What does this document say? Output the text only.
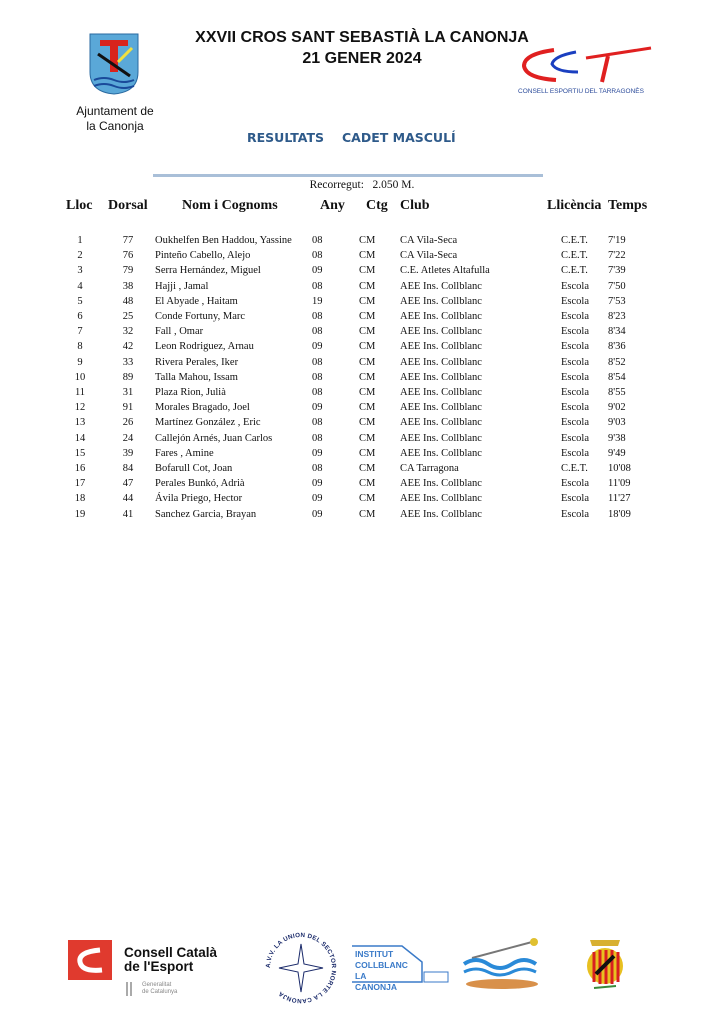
Ajuntament de
la Canonja
XXVII CROS SANT SEBASTIÀ LA CANONJA
21 GENER 2024
CONSELL ESPORTIU DEL TARRAGONÈS
RESULTATS CADET MASCULÍ
Recorregut: 2.050 M.
Lloc Dorsal Nom i Cognoms	Any Ctg Club	Llicència Temps
1	77	Oukhelfen Ben Haddou, Yassine 08	CM CA Vila-Seca	C.E.T. 7'19
2	76	Pinteño Cabello, Alejo	08	CM CA Vila-Seca	C.E.T. 7'22
3	79	Serra Hernández, Miguel	09	CM C.E. Atletes Altafulla	C.E.T. 7'39
4	38	Hajji , Jamal	08	CM AEE Ins. Collblanc	Escola 7'50
5	48	El Abyade , Haitam	19	CM AEE Ins. Collblanc	Escola 7'53
6	25	Conde Fortuny, Marc	08	CM AEE Ins. Collblanc	Escola 8'23
7	32	Fall , Omar	08	CM AEE Ins. Collblanc	Escola 8'34
8	42	Leon Rodriguez, Arnau	09	CM AEE Ins. Collblanc	Escola 8'36
9	33	Rivera Perales, Iker	08	CM AEE Ins. Collblanc	Escola 8'52
10	89	Talla Mahou, Issam	08	CM AEE Ins. Collblanc	Escola 8'54
11	31	Plaza Rion, Julià	08	CM AEE Ins. Collblanc	Escola 8'55
12	91	Morales Bragado, Joel	09	CM AEE Ins. Collblanc	Escola 9'02
13	26	Martínez González , Eric	08	CM AEE Ins. Collblanc	Escola 9'03
14	24	Callejón Arnés, Juan Carlos	08	CM AEE Ins. Collblanc	Escola 9'38
15	39	Fares , Amine	09	CM AEE Ins. Collblanc	Escola 9'49
16	84	Bofarull Cot, Joan	08	CM CA Tarragona	C.E.T. 10'08
17	47	Perales Bunkó, Adrià	09	CM AEE Ins. Collblanc	Escola 11'09
18	44	Ávila Priego, Hector	09	CM AEE Ins. Collblanc	Escola 11'27
19	41	Sanchez Garcia, Brayan	09	CM AEE Ins. Collblanc	Escola 18'09
Consell Català
de l'Esport
Generalitat
de Catalunya
A.V.V. LA UNION DEL SECTOR NORTE LA CANONJA
INSTITUT COLLBLANC LA CANONJA
